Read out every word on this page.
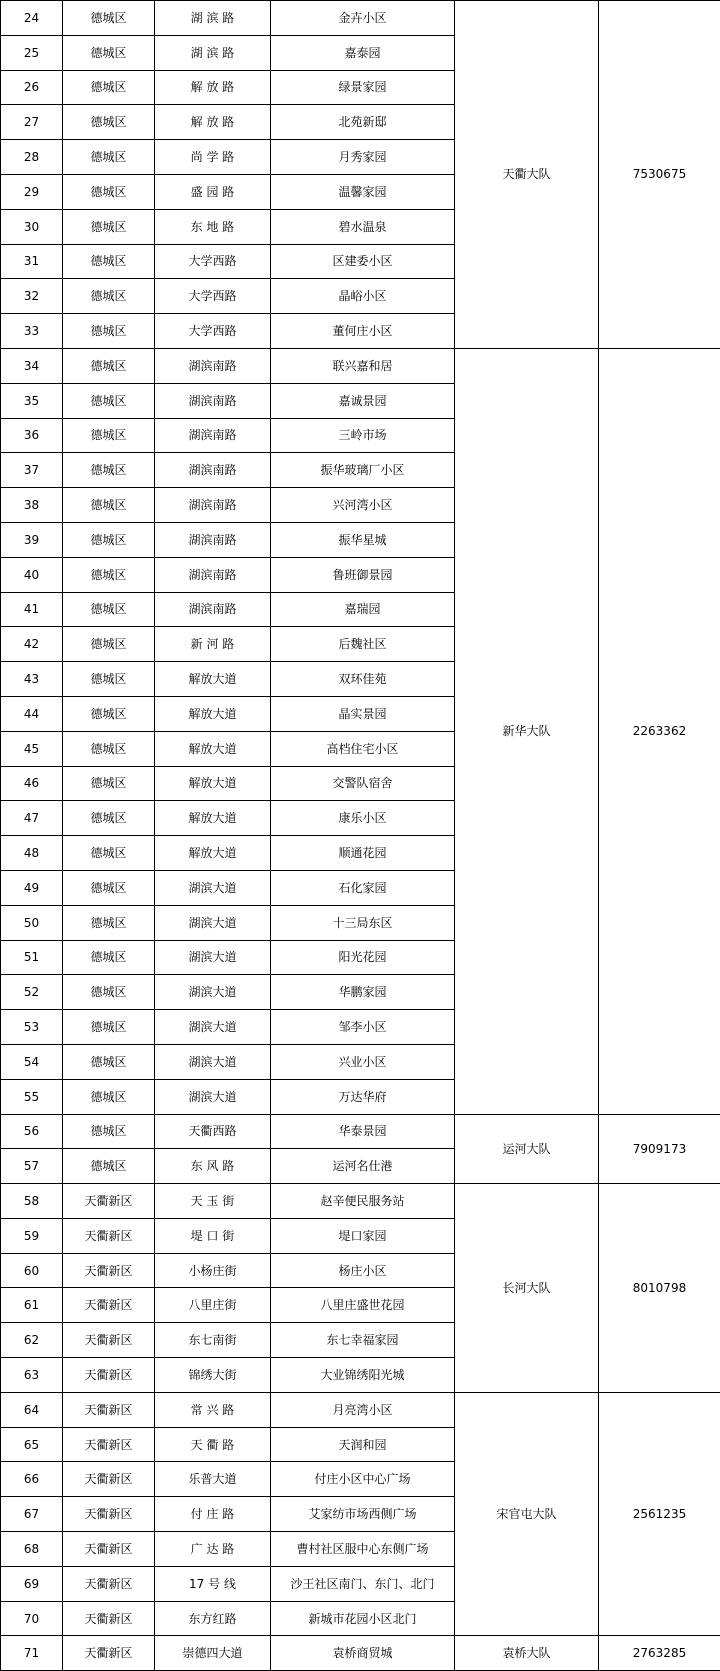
24	德城区	湖 滨 路	金卉小区	天衢大队	7530675
25	德城区	湖 滨 路	嘉泰园		
26	德城区	解 放 路	绿景家园		
27	德城区	解 放 路	北苑新邸		
28	德城区	尚 学 路	月秀家园		
29	德城区	盛 园 路	温馨家园		
30	德城区	东 地 路	碧水温泉		
31	德城区	大学西路	区建委小区		
32	德城区	大学西路	晶峪小区		
33	德城区	大学西路	董何庄小区		
34	德城区	湖滨南路	联兴嘉和居	新华大队	2263362
35	德城区	湖滨南路	嘉诚景园		
36	德城区	湖滨南路	三岭市场		
37	德城区	湖滨南路	振华玻璃厂小区		
38	德城区	湖滨南路	兴河湾小区		
39	德城区	湖滨南路	振华星城		
40	德城区	湖滨南路	鲁班御景园		
41	德城区	湖滨南路	嘉瑞园		
42	德城区	新 河 路	后魏社区		
43	德城区	解放大道	双环佳苑		
44	德城区	解放大道	晶实景园		
45	德城区	解放大道	高档住宅小区		
46	德城区	解放大道	交警队宿舍		
47	德城区	解放大道	康乐小区		
48	德城区	解放大道	顺通花园		
49	德城区	湖滨大道	石化家园		
50	德城区	湖滨大道	十三局东区		
51	德城区	湖滨大道	阳光花园		
52	德城区	湖滨大道	华鹏家园		
53	德城区	湖滨大道	邹李小区		
54	德城区	湖滨大道	兴业小区		
55	德城区	湖滨大道	万达华府		
56	德城区	天衢西路	华泰景园	运河大队	7909173
57	德城区	东 风 路	运河名仕港		
58	天衢新区	天 玉 街	赵辛便民服务站	长河大队	8010798
59	天衢新区	堤 口 街	堤口家园		
60	天衢新区	小杨庄街	杨庄小区		
61	天衢新区	八里庄街	八里庄盛世花园		
62	天衢新区	东七南街	东七幸福家园		
63	天衢新区	锦绣大街	大业锦绣阳光城		
64	天衢新区	常 兴 路	月亮湾小区	宋官屯大队	2561235
65	天衢新区	天 衢 路	天润和园		
66	天衢新区	乐普大道	付庄小区中心广场		
67	天衢新区	付 庄 路	艾家纺市场西侧广场		
68	天衢新区	广 达 路	曹村社区服中心东侧广场		
69	天衢新区	17 号 线	沙王社区南门、东门、北门		
70	天衢新区	东方红路	新城市花园小区北门		
71	天衢新区	崇德四大道	袁桥商贸城	袁桥大队	2763285
